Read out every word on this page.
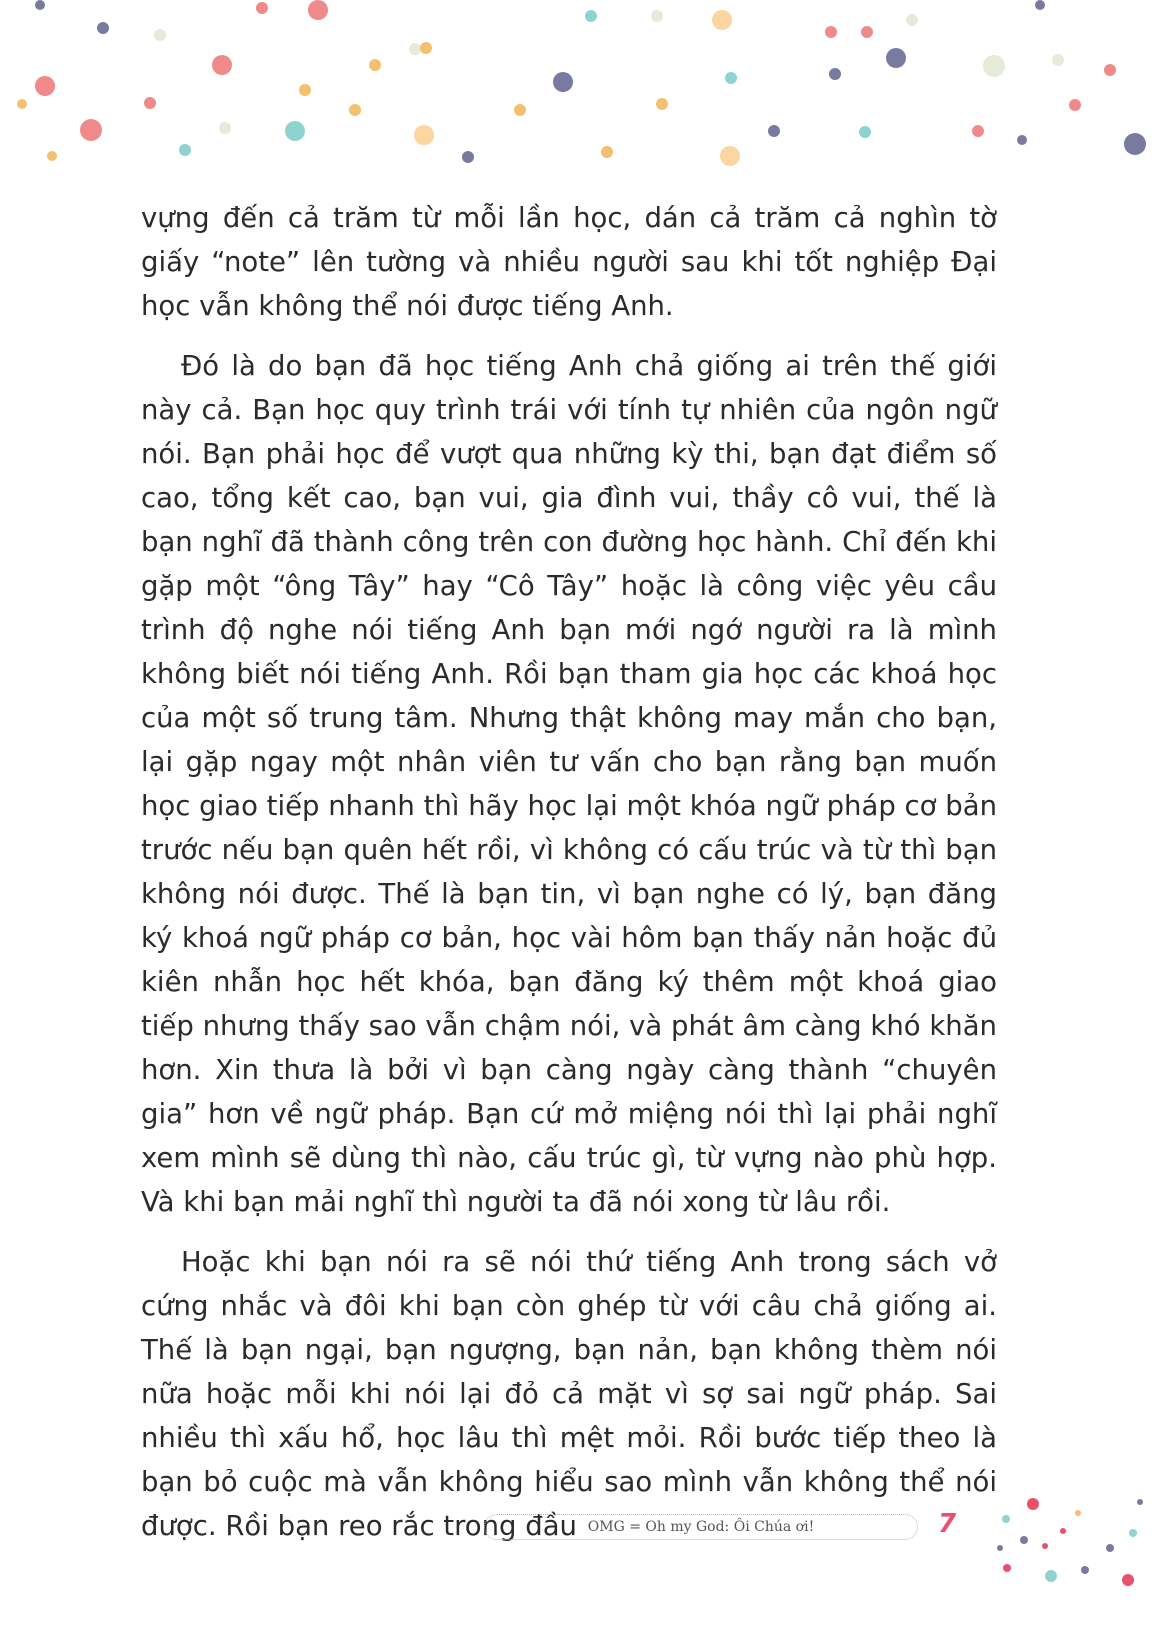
vựng đến cả trăm từ mỗi lần học, dán cả trăm cả nghìn tờ giấy “note” lên tường và nhiều người sau khi tốt nghiệp Đại học vẫn không thể nói được tiếng Anh.

Đó là do bạn đã học tiếng Anh chả giống ai trên thế giới này cả. Bạn học quy trình trái với tính tự nhiên của ngôn ngữ nói. Bạn phải học để vượt qua những kỳ thi, bạn đạt điểm số cao, tổng kết cao, bạn vui, gia đình vui, thầy cô vui, thế là bạn nghĩ đã thành công trên con đường học hành. Chỉ đến khi gặp một “ông Tây” hay “Cô Tây” hoặc là công việc yêu cầu trình độ nghe nói tiếng Anh bạn mới ngớ người ra là mình không biết nói tiếng Anh. Rồi bạn tham gia học các khoá học của một số trung tâm. Nhưng thật không may mắn cho bạn, lại gặp ngay một nhân viên tư vấn cho bạn rằng bạn muốn học giao tiếp nhanh thì hãy học lại một khóa ngữ pháp cơ bản trước nếu bạn quên hết rồi, vì không có cấu trúc và từ thì bạn không nói được. Thế là bạn tin, vì bạn nghe có lý, bạn đăng ký khoá ngữ pháp cơ bản, học vài hôm bạn thấy nản hoặc đủ kiên nhẫn học hết khóa, bạn đăng ký thêm một khoá giao tiếp nhưng thấy sao vẫn chậm nói, và phát âm càng khó khăn hơn. Xin thưa là bởi vì bạn càng ngày càng thành “chuyên gia” hơn về ngữ pháp. Bạn cứ mở miệng nói thì lại phải nghĩ xem mình sẽ dùng thì nào, cấu trúc gì, từ vựng nào phù hợp. Và khi bạn mải nghĩ thì người ta đã nói xong từ lâu rồi.

Hoặc khi bạn nói ra sẽ nói thứ tiếng Anh trong sách vở cứng nhắc và đôi khi bạn còn ghép từ với câu chả giống ai. Thế là bạn ngại, bạn ngượng, bạn nản, bạn không thèm nói nữa hoặc mỗi khi nói lại đỏ cả mặt vì sợ sai ngữ pháp. Sai nhiều thì xấu hổ, học lâu thì mệt mỏi. Rồi bước tiếp theo là bạn bỏ cuộc mà vẫn không hiểu sao mình vẫn không thể nói được. Rồi bạn reo rắc trong đầu OMG = Oh my God: Ôi Chúa ơi!	7
